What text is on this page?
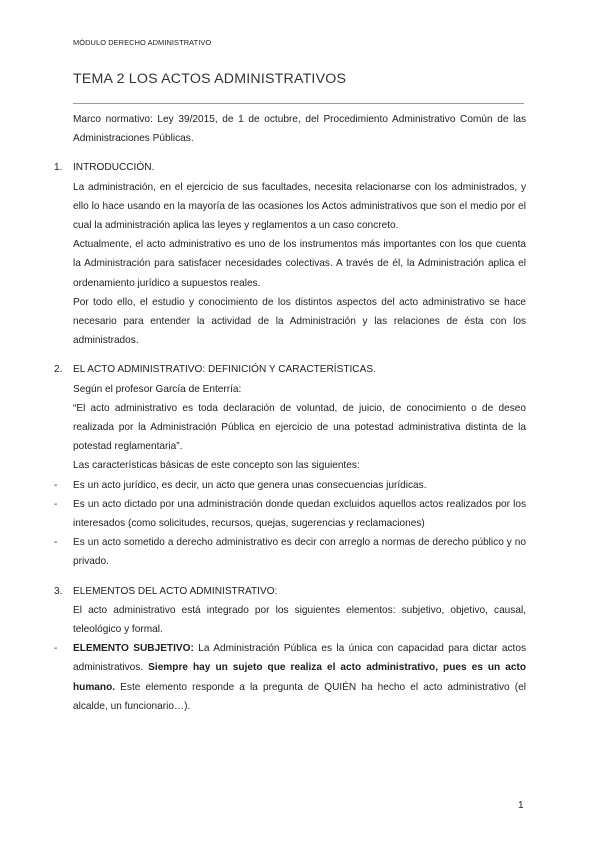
MÓDULO DERECHO ADMINISTRATIVO
TEMA 2 LOS ACTOS ADMINISTRATIVOS

Marco normativo: Ley 39/2015, de 1 de octubre, del Procedimiento Administrativo Común de las Administraciones Públicas.

1. INTRODUCCIÓN.

La administración, en el ejercicio de sus facultades, necesita relacionarse con los administrados, y ello lo hace usando en la mayoría de las ocasiones los Actos administrativos que son el medio por el cual la administración aplica las leyes y reglamentos a un caso concreto.

Actualmente, el acto administrativo es uno de los instrumentos más importantes con los que cuenta la Administración para satisfacer necesidades colectivas. A través de él, la Administración aplica el ordenamiento jurídico a supuestos reales.

Por todo ello, el estudio y conocimiento de los distintos aspectos del acto administrativo se hace necesario para entender la actividad de la Administración y las relaciones de ésta con los administrados.

2. EL ACTO ADMINISTRATIVO: DEFINICIÓN Y CARACTERÍSTICAS.

Según el profesor García de Enterría:

“El acto administrativo es toda declaración de voluntad, de juicio, de conocimiento o de deseo realizada por la Administración Pública en ejercicio de una potestad administrativa distinta de la potestad reglamentaria”.

Las características básicas de este concepto son las siguientes:

- Es un acto jurídico, es decir, un acto que genera unas consecuencias jurídicas.

- Es un acto dictado por una administración donde quedan excluidos aquellos actos realizados por los interesados (como solicitudes, recursos, quejas, sugerencias y reclamaciones)

- Es un acto sometido a derecho administrativo es decir con arreglo a normas de derecho público y no privado.

3. ELEMENTOS DEL ACTO ADMINISTRATIVO:

El acto administrativo está integrado por los siguientes elementos: subjetivo, objetivo, causal, teleológico y formal.

- ELEMENTO SUBJETIVO: La Administración Pública es la única con capacidad para dictar actos administrativos. Siempre hay un sujeto que realiza el acto administrativo, pues es un acto humano. Este elemento responde a la pregunta de QUIÉN ha hecho el acto administrativo (el alcalde, un funcionario…).

1
